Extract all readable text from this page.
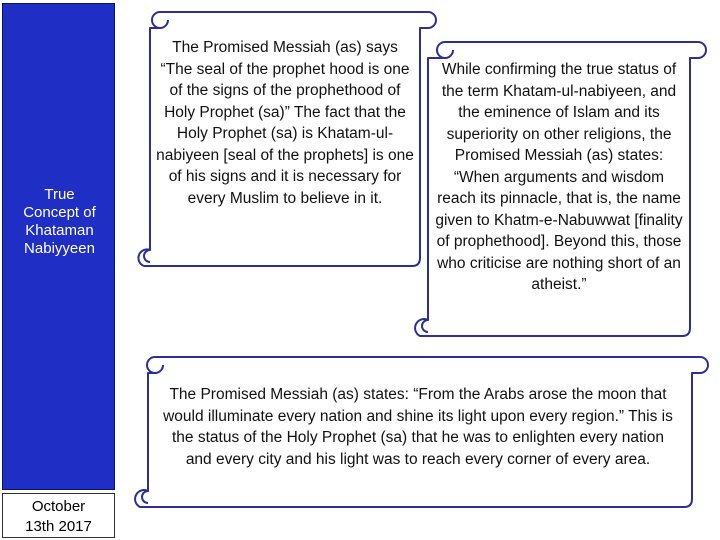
True
Concept of
Khataman
Nabiyyeen
October
13th 2017
The Promised Messiah (as) says “The seal of the prophet hood is one of the signs of the prophethood of Holy Prophet (sa)” The fact that the Holy Prophet (sa) is Khatam-ul-nabiyeen [seal of the prophets] is one of his signs and it is necessary for every Muslim to believe in it.
While confirming the true status of the term Khatam-ul-nabiyeen, and the eminence of Islam and its superiority on other religions, the Promised Messiah (as) states: “When arguments and wisdom reach its pinnacle, that is, the name given to Khatm-e-Nabuwwat [finality of prophethood]. Beyond this, those who criticise are nothing short of an atheist.”
The Promised Messiah (as) states: “From the Arabs arose the moon that would illuminate every nation and shine its light upon every region.” This is the status of the Holy Prophet (sa) that he was to enlighten every nation and every city and his light was to reach every corner of every area.
